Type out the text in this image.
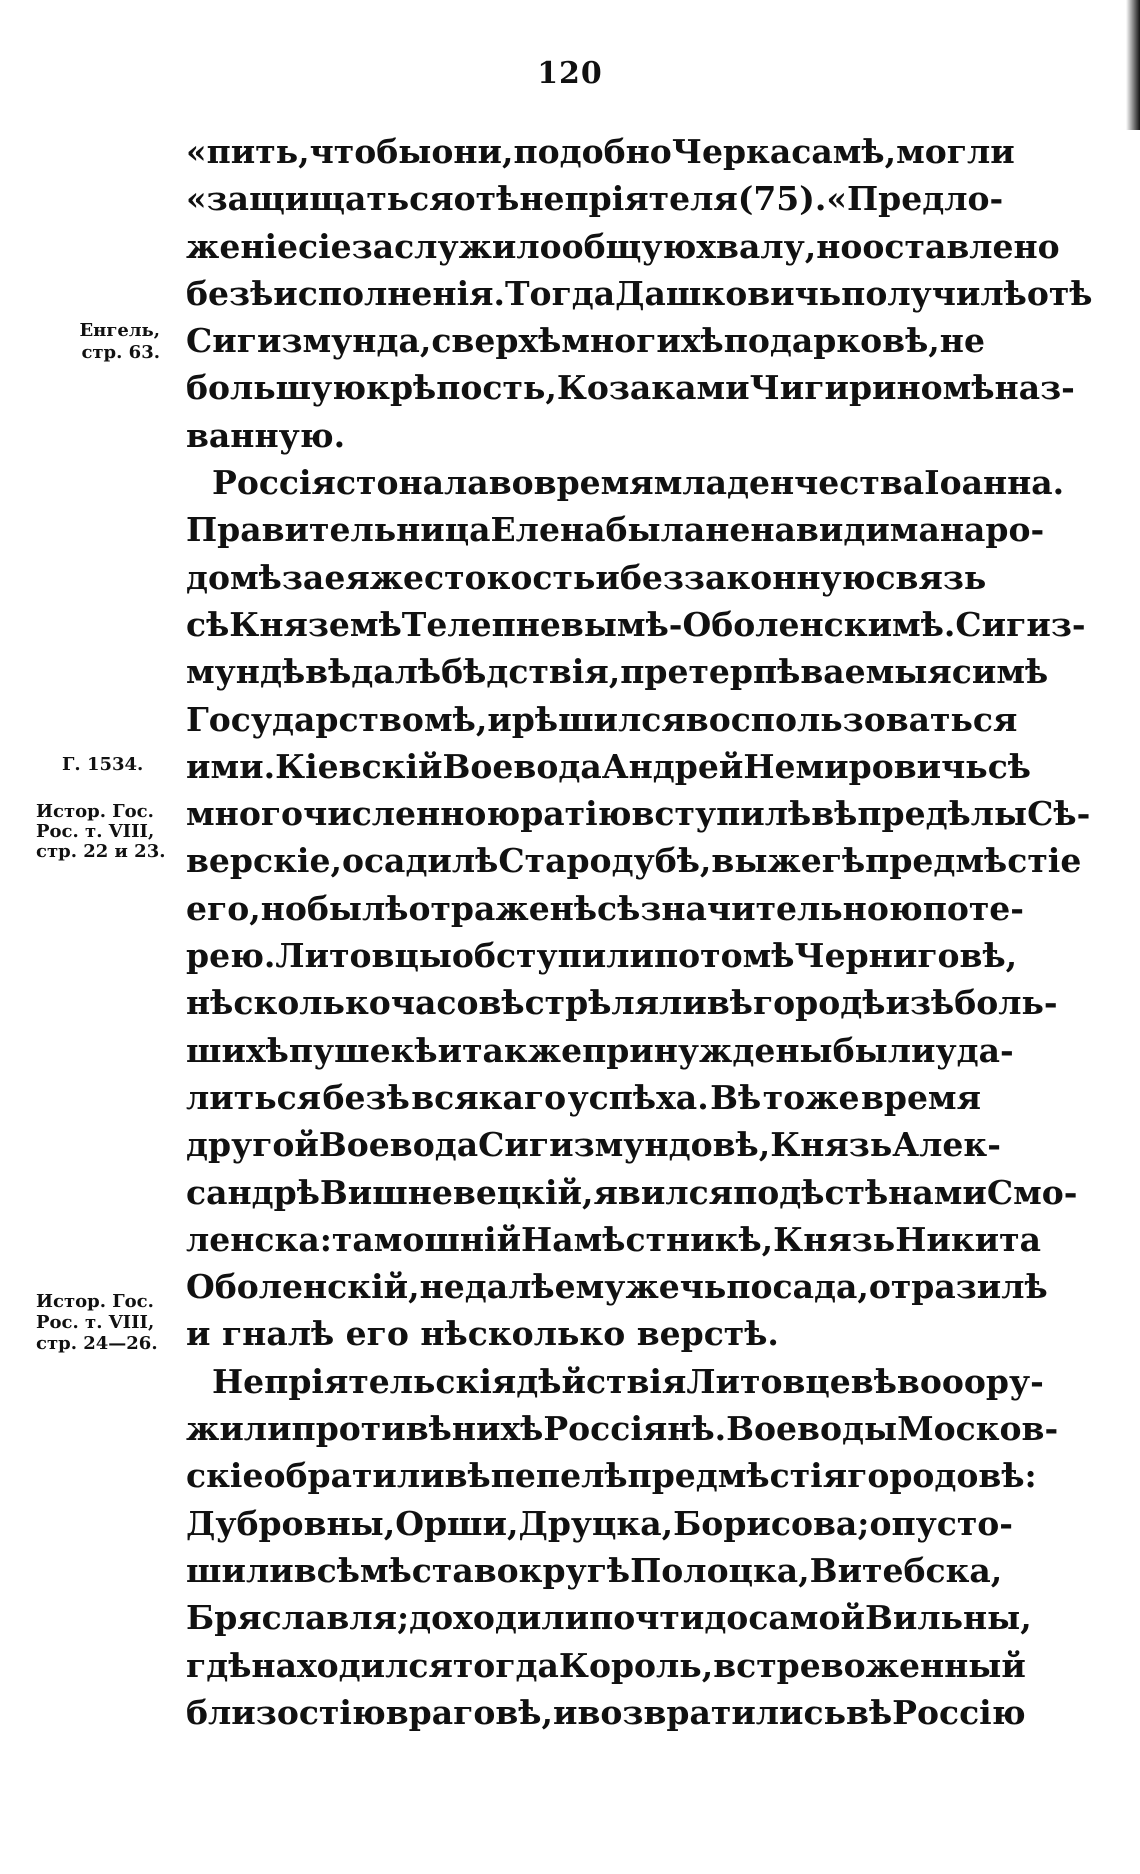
120
«пить, чтобы они, подобно Черкасамѣ, могли
«защищаться отѣ непріятеля (75).« Предло-
женіе сіе заслужило общую хвалу, но оставлено
безѣ исполненія. Тогда Дашковичь получилѣ отѣ
Сигизмунда, сверхѣ многихѣ подарковѣ, не
большую крѣпость, Козаками Чигириномѣ наз-
ванную.
Россія стонала во время младенчества Іоанна.
Правительница Елена была ненавидима наро-
домѣ за ея жестокость и беззаконную связь
сѣ Княземѣ Телепневымѣ-Оболенскимѣ. Сигиз-
мундѣ вѣдалѣ бѣдствія, претерпѣваемыя симѣ
Государствомѣ, и рѣшился воспользоваться
ими. Кіевскій Воевода Андрей Немировичь сѣ
многочисленною ратію вступилѣ вѣ предѣлы Сѣ-
верскіе, осадилѣ Стародубѣ, выжегѣ предмѣстіе
его, но былѣ отраженѣ сѣ значительною поте-
рею. Литовцы обступили потомѣ Черниговѣ,
нѣсколько часовѣ стрѣляли вѣ городѣ изѣ боль-
шихѣ пушекѣ и также принуждены были уда-
литься безѣ всякаго успѣха. Вѣ тоже время
другой Воевода Сигизмундовѣ, Князь Алек-
сандрѣ Вишневецкій, явился подѣ стѣнами Смо-
ленска: тамошній Намѣстникѣ, Князь Никита
Оболенскій, не далѣ ему жечь посада, отразилѣ
и гналѣ его нѣсколько верстѣ.
Непріятельскія дѣйствія Литовцевѣ вооору-
жили противѣ нихѣ Россіянѣ. Воеводы Москов-
скіе обратили вѣ пепелѣ предмѣстія городовѣ:
Дубровны, Орши, Друцка, Борисова; опусто-
шили всѣ мѣста вокругѣ Полоцка, Витебска,
Бряславля; доходили почти до самой Вильны,
гдѣ находился тогда Король, встревоженный
близостію враговѣ, и возвратились вѣ Россію
Енгель,
стр. 63.
Г. 1534.
Истор. Гос.
Рос. т. VIII,
стр. 22 и 23.
Истор. Гос.
Рос. т. VIII,
стр. 24—26.
